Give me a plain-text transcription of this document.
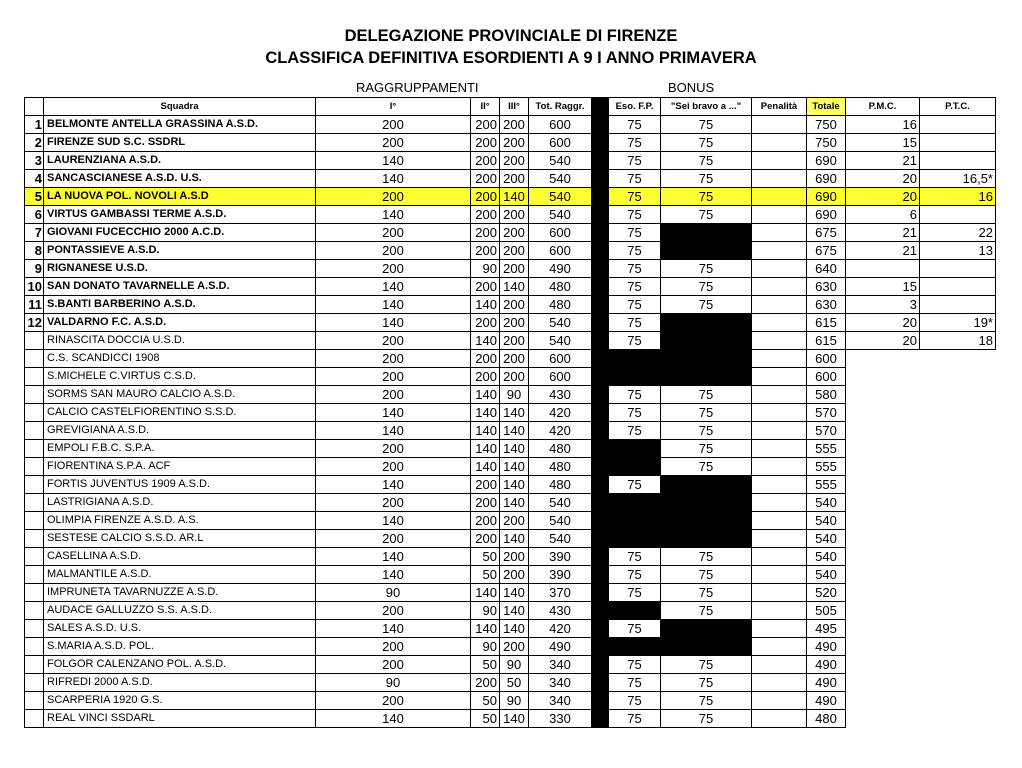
DELEGAZIONE PROVINCIALE DI FIRENZE
CLASSIFICA DEFINITIVA ESORDIENTI A 9 I ANNO PRIMAVERA
RAGGRUPPAMENTI	BONUS
	Squadra	I°	II°	III°	Tot. Raggr.		Eso. F.P.	"Sei bravo a ..."	Penalità	Totale	P.M.C.	P.T.C.
1	BELMONTE ANTELLA GRASSINA A.S.D.	200	200	200	600		75	75		750	16	
2	FIRENZE SUD S.C. SSDRL	200	200	200	600		75	75		750	15	
3	LAURENZIANA A.S.D.	140	200	200	540		75	75		690	21	
4	SANCASCIANESE A.S.D. U.S.	140	200	200	540		75	75		690	20	16,5*
5	LA NUOVA POL. NOVOLI A.S.D	200	200	140	540		75	75		690	20	16
6	VIRTUS GAMBASSI TERME A.S.D.	140	200	200	540		75	75		690	6	
7	GIOVANI FUCECCHIO 2000 A.C.D.	200	200	200	600		75			675	21	22
8	PONTASSIEVE A.S.D.	200	200	200	600		75			675	21	13
9	RIGNANESE U.S.D.	200	90	200	490		75	75		640		
10	SAN DONATO TAVARNELLE A.S.D.	140	200	140	480		75	75		630	15	
11	S.BANTI BARBERINO A.S.D.	140	140	200	480		75	75		630	3	
12	VALDARNO F.C. A.S.D.	140	200	200	540		75			615	20	19*
	RINASCITA DOCCIA U.S.D.	200	140	200	540		75			615	20	18
	C.S. SCANDICCI 1908	200	200	200	600					600		
	S.MICHELE C.VIRTUS C.S.D.	200	200	200	600					600		
	SORMS SAN MAURO CALCIO A.S.D.	200	140	90	430		75	75		580		
	CALCIO CASTELFIORENTINO S.S.D.	140	140	140	420		75	75		570		
	GREVIGIANA A.S.D.	140	140	140	420		75	75		570		
	EMPOLI F.B.C. S.P.A.	200	140	140	480			75		555		
	FIORENTINA S.P.A. ACF	200	140	140	480			75		555		
	FORTIS JUVENTUS 1909 A.S.D.	140	200	140	480		75			555		
	LASTRIGIANA A.S.D.	200	200	140	540					540		
	OLIMPIA FIRENZE A.S.D. A.S.	140	200	200	540					540		
	SESTESE CALCIO S.S.D. AR.L	200	200	140	540					540		
	CASELLINA A.S.D.	140	50	200	390		75	75		540		
	MALMANTILE A.S.D.	140	50	200	390		75	75		540		
	IMPRUNETA TAVARNUZZE A.S.D.	90	140	140	370		75	75		520		
	AUDACE GALLUZZO S.S. A.S.D.	200	90	140	430			75		505		
	SALES A.S.D. U.S.	140	140	140	420		75			495		
	S.MARIA A.S.D. POL.	200	90	200	490					490		
	FOLGOR CALENZANO POL. A.S.D.	200	50	90	340		75	75		490		
	RIFREDI 2000 A.S.D.	90	200	50	340		75	75		490		
	SCARPERIA 1920 G.S.	200	50	90	340		75	75		490		
	REAL VINCI SSDARL	140	50	140	330		75	75		480		
